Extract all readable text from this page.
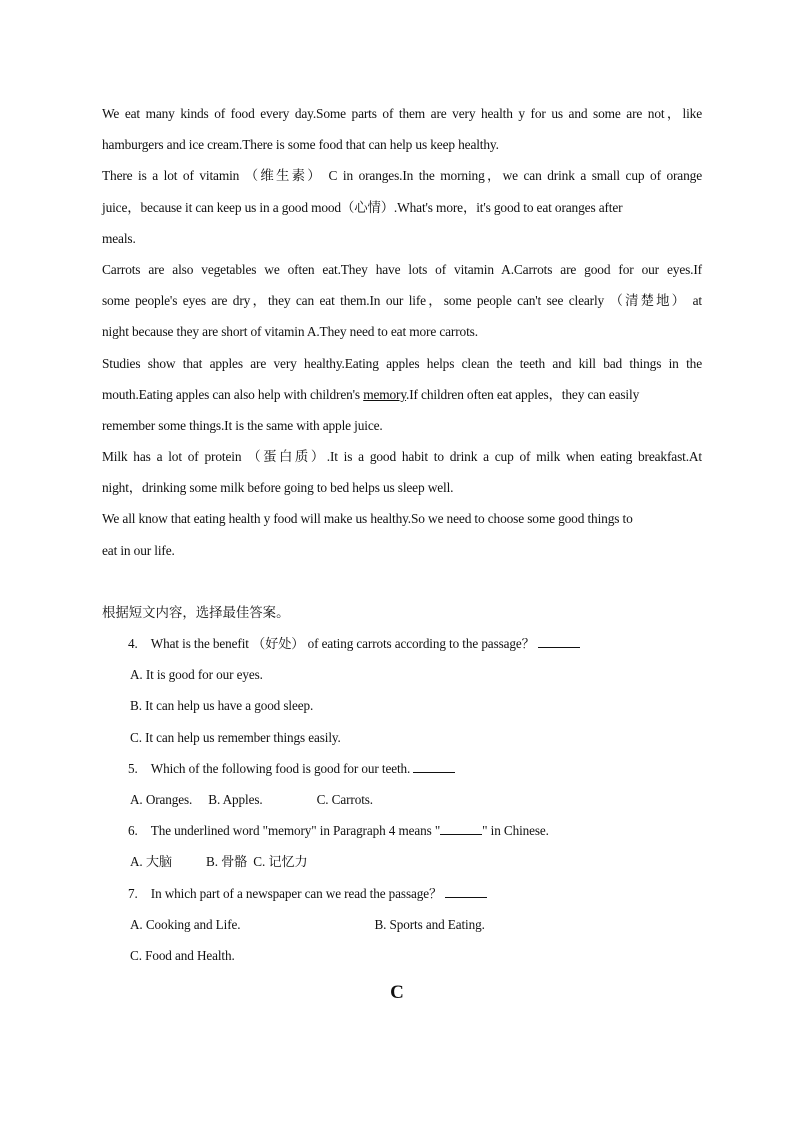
We eat many kinds of food every day.Some parts of them are very health y for us and some are not，like
hamburgers and ice cream.There is some food that can help us keep healthy.
There is a lot of vitamin （维生素） C in oranges.In the morning，we can drink a small cup of orange
juice，because it can keep us in a good mood（心情）.What's more，it's good to eat oranges after
meals.
Carrots are also vegetables we often eat.They have lots of vitamin A.Carrots are good for our eyes.If
some people's eyes are dry，they can eat them.In our life，some people can't see clearly （清楚地） at
night because they are short of vitamin A.They need to eat more carrots.
Studies show that apples are very healthy.Eating apples helps clean the teeth and kill bad things in the
mouth.Eating apples can also help with children's memory.If children often eat apples，they can easily
remember some things.It is the same with apple juice.
Milk has a lot of protein （蛋白质）.It is a good habit to drink a cup of milk when eating breakfast.At
night，drinking some milk before going to bed helps us sleep well.
We all know that eating health y food will make us healthy.So we need to choose some good things to
eat in our life.
根据短文内容，选择最佳答案。
4.　What is the benefit （好处） of eating carrots according to the passage？
A. It is good for our eyes.
B. It can help us have a good sleep.
C. It can help us remember things easily.
5.　Which of the following food is good for our teeth.
A. Oranges. B. Apples.	C. Carrots.
6.　The underlined word "memory" in Paragraph 4 means "	" in Chinese.
A. 大脑	B. 骨骼 C. 记忆力
7.　In which part of a newspaper can we read the passage？
A. Cooking and Life.	B. Sports and Eating.
C. Food and Health.
C
